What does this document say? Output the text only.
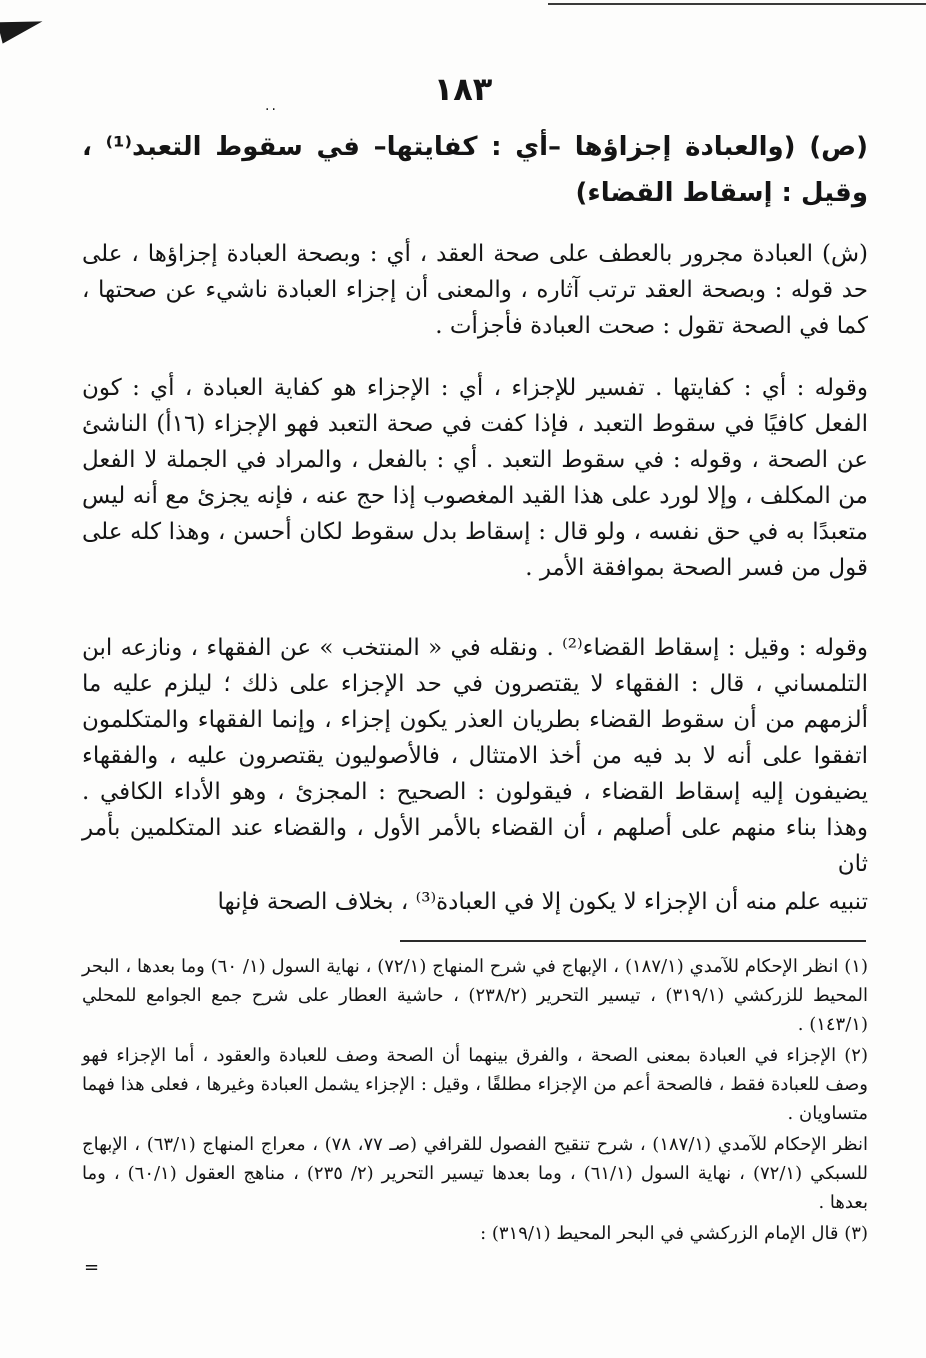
١٨٣
..
(ص) (والعبادة إجزاؤها –أي : كفايتها– في سقوط التعبد⁽¹⁾ ، وقيل : إسقاط القضاء)
(ش) العبادة مجرور بالعطف على صحة العقد ، أي : وبصحة العبادة إجزاؤها ، على حد قوله : وبصحة العقد ترتب آثاره ، والمعنى أن إجزاء العبادة ناشيء عن صحتها ، كما في الصحة تقول : صحت العبادة فأجزأت .
وقوله : أي : كفايتها . تفسير للإجزاء ، أي : الإجزاء هو كفاية العبادة ، أي : كون الفعل كافيًا في سقوط التعبد ، فإذا كفت في صحة التعبد فهو الإجزاء (١٦أ) الناشئ عن الصحة ، وقوله : في سقوط التعبد . أي : بالفعل ، والمراد في الجملة لا الفعل من المكلف ، وإلا لورد على هذا القيد المغصوب إذا حج عنه ، فإنه يجزئ مع أنه ليس متعبدًا به في حق نفسه ، ولو قال : إسقاط بدل سقوط لكان أحسن ، وهذا كله على قول من فسر الصحة بموافقة الأمر .
وقوله : وقيل : إسقاط القضاء⁽²⁾ . ونقله في « المنتخب » عن الفقهاء ، ونازعه ابن التلمساني ، قال : الفقهاء لا يقتصرون في حد الإجزاء على ذلك ؛ ليلزم عليه ما ألزمهم من أن سقوط القضاء بطريان العذر يكون إجزاء ، وإنما الفقهاء والمتكلمون اتفقوا على أنه لا بد فيه من أخذ الامتثال ، فالأصوليون يقتصرون عليه ، والفقهاء يضيفون إليه إسقاط القضاء ، فيقولون : الصحيح : المجزئ ، وهو الأداء الكافي . وهذا بناء منهم على أصلهم ، أن القضاء بالأمر الأول ، والقضاء عند المتكلمين بأمر ثان
تنبيه علم منه أن الإجزاء لا يكون إلا في العبادة⁽³⁾ ، بخلاف الصحة فإنها

(١) انظر الإحكام للآمدي (١٨٧/١) ، الإبهاج في شرح المنهاج (٧٢/١) ، نهاية السول (١/ ٦٠) وما بعدها ، البحر المحيط للزركشي (٣١٩/١) ، تيسير التحرير (٢٣٨/٢) ، حاشية العطار على شرح جمع الجوامع للمحلي (١٤٣/١) .

(٢) الإجزاء في العبادة بمعنى الصحة ، والفرق بينهما أن الصحة وصف للعبادة والعقود ، أما الإجزاء فهو وصف للعبادة فقط ، فالصحة أعم من الإجزاء مطلقًا ، وقيل : الإجزاء يشمل العبادة وغيرها ، فعلى هذا فهما متساويان .

انظر الإحكام للآمدي (١٨٧/١) ، شرح تنقيح الفصول للقرافي (صـ ٧٧، ٧٨) ، معراج المنهاج (٦٣/١) ، الإبهاج للسبكي (٧٢/١) ، نهاية السول (٦١/١) ، وما بعدها تيسير التحرير (٢/ ٢٣٥) ، مناهج العقول (٦٠/١) ، وما بعدها .

(٣) قال الإمام الزركشي في البحر المحيط (٣١٩/١) :

=
